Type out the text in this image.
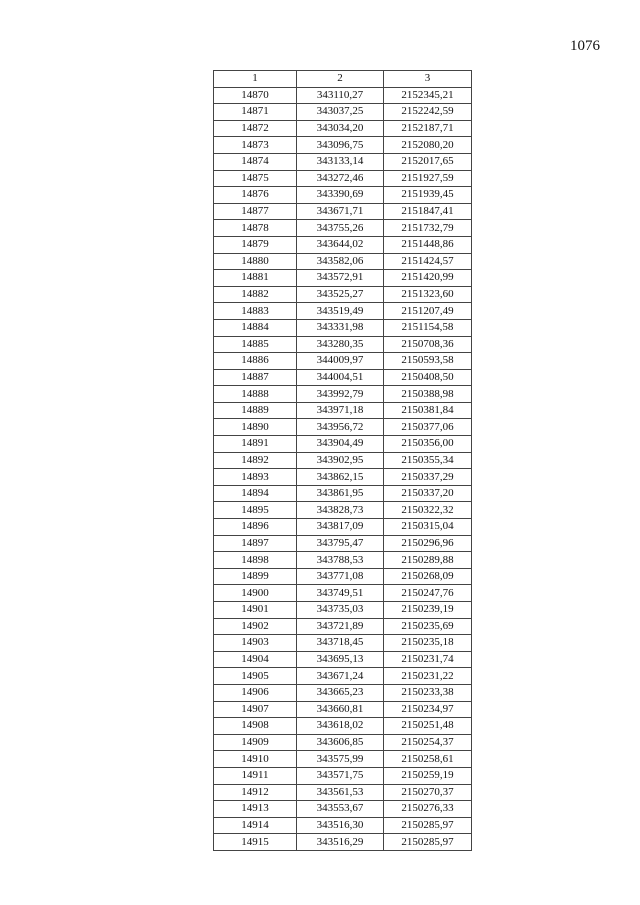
1076
1	2	3
14870	343110,27	2152345,21
14871	343037,25	2152242,59
14872	343034,20	2152187,71
14873	343096,75	2152080,20
14874	343133,14	2152017,65
14875	343272,46	2151927,59
14876	343390,69	2151939,45
14877	343671,71	2151847,41
14878	343755,26	2151732,79
14879	343644,02	2151448,86
14880	343582,06	2151424,57
14881	343572,91	2151420,99
14882	343525,27	2151323,60
14883	343519,49	2151207,49
14884	343331,98	2151154,58
14885	343280,35	2150708,36
14886	344009,97	2150593,58
14887	344004,51	2150408,50
14888	343992,79	2150388,98
14889	343971,18	2150381,84
14890	343956,72	2150377,06
14891	343904,49	2150356,00
14892	343902,95	2150355,34
14893	343862,15	2150337,29
14894	343861,95	2150337,20
14895	343828,73	2150322,32
14896	343817,09	2150315,04
14897	343795,47	2150296,96
14898	343788,53	2150289,88
14899	343771,08	2150268,09
14900	343749,51	2150247,76
14901	343735,03	2150239,19
14902	343721,89	2150235,69
14903	343718,45	2150235,18
14904	343695,13	2150231,74
14905	343671,24	2150231,22
14906	343665,23	2150233,38
14907	343660,81	2150234,97
14908	343618,02	2150251,48
14909	343606,85	2150254,37
14910	343575,99	2150258,61
14911	343571,75	2150259,19
14912	343561,53	2150270,37
14913	343553,67	2150276,33
14914	343516,30	2150285,97
14915	343516,29	2150285,97
